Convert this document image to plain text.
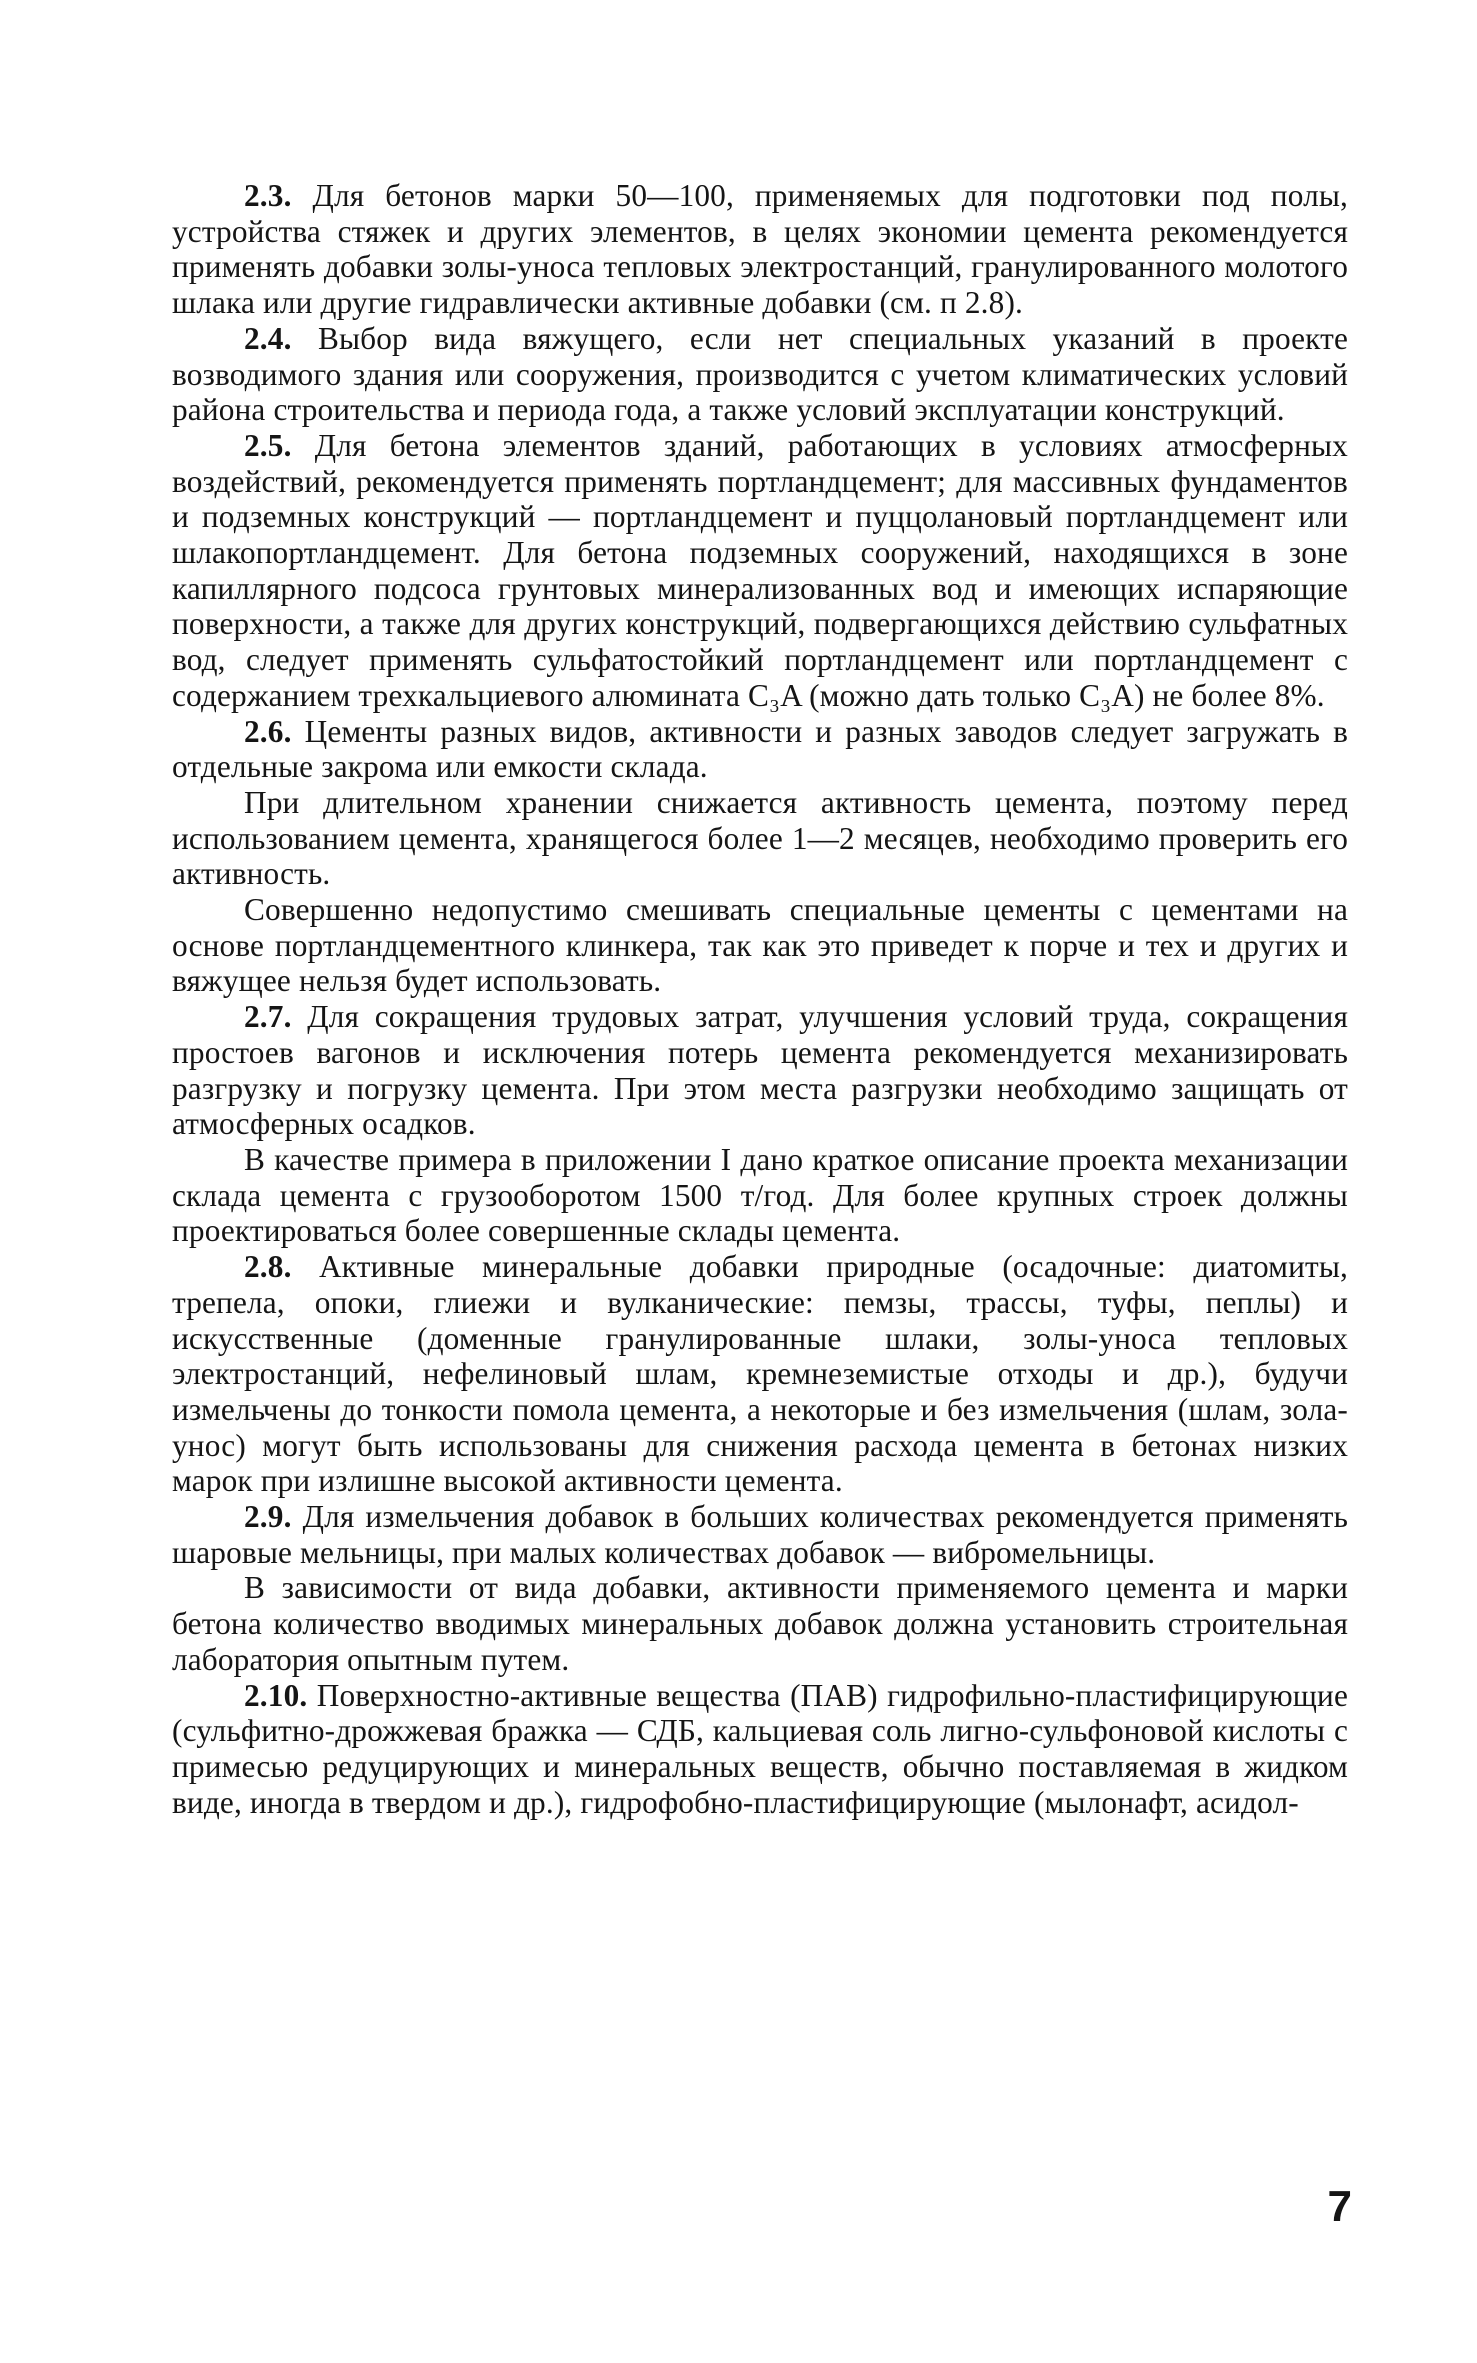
2.3. Для бетонов марки 50—100, применяемых для подготовки под полы, устройства стяжек и других элементов, в целях экономии цемента рекомендуется применять добавки золы-уноса тепловых электростанций, гранулированного молотого шлака или другие гидравлически активные добавки (см. п 2.8).

2.4. Выбор вида вяжущего, если нет специальных указаний в проекте возводимого здания или сооружения, производится с учетом климатических условий района строительства и периода года, а также условий эксплуатации конструкций.

2.5. Для бетона элементов зданий, работающих в условиях атмосферных воздействий, рекомендуется применять портландцемент; для массивных фундаментов и подземных конструкций — портландцемент и пуццолановый портландцемент или шлакопортландцемент. Для бетона подземных сооружений, находящихся в зоне капиллярного подсоса грунтовых минерализованных вод и имеющих испаряющие поверхности, а также для других конструкций, подвергающихся действию сульфатных вод, следует применять сульфатостойкий портландцемент или портландцемент с содержанием трехкальциевого алюмината C₃A (можно дать только C₃A) не более 8%.

2.6. Цементы разных видов, активности и разных заводов следует загружать в отдельные закрома или емкости склада.

При длительном хранении снижается активность цемента, поэтому перед использованием цемента, хранящегося более 1—2 месяцев, необходимо проверить его активность.

Совершенно недопустимо смешивать специальные цементы с цементами на основе портландцементного клинкера, так как это приведет к порче и тех и других и вяжущее нельзя будет использовать.

2.7. Для сокращения трудовых затрат, улучшения условий труда, сокращения простоев вагонов и исключения потерь цемента рекомендуется механизировать разгрузку и погрузку цемента. При этом места разгрузки необходимо защищать от атмосферных осадков.

В качестве примера в приложении I дано краткое описание проекта механизации склада цемента с грузооборотом 1500 т/год. Для более крупных строек должны проектироваться более совершенные склады цемента.

2.8. Активные минеральные добавки природные (осадочные: диатомиты, трепела, опоки, глиежи и вулканические: пемзы, трассы, туфы, пеплы) и искусственные (доменные гранулированные шлаки, золы-уноса тепловых электростанций, нефелиновый шлам, кремнеземистые отходы и др.), будучи измельчены до тонкости помола цемента, а некоторые и без измельчения (шлам, зола-унос) могут быть использованы для снижения расхода цемента в бетонах низких марок при излишне высокой активности цемента.

2.9. Для измельчения добавок в больших количествах рекомендуется применять шаровые мельницы, при малых количествах добавок — вибромельницы.

В зависимости от вида добавки, активности применяемого цемента и марки бетона количество вводимых минеральных добавок должна установить строительная лаборатория опытным путем.

2.10. Поверхностно-активные вещества (ПАВ) гидрофильно-пластифицирующие (сульфитно-дрожжевая бражка — СДБ, кальциевая соль лигно-сульфоновой кислоты с примесью редуцирующих и минеральных веществ, обычно поставляемая в жидком виде, иногда в твердом и др.), гидрофобно-пластифицирующие (мылонафт, асидол-

7
